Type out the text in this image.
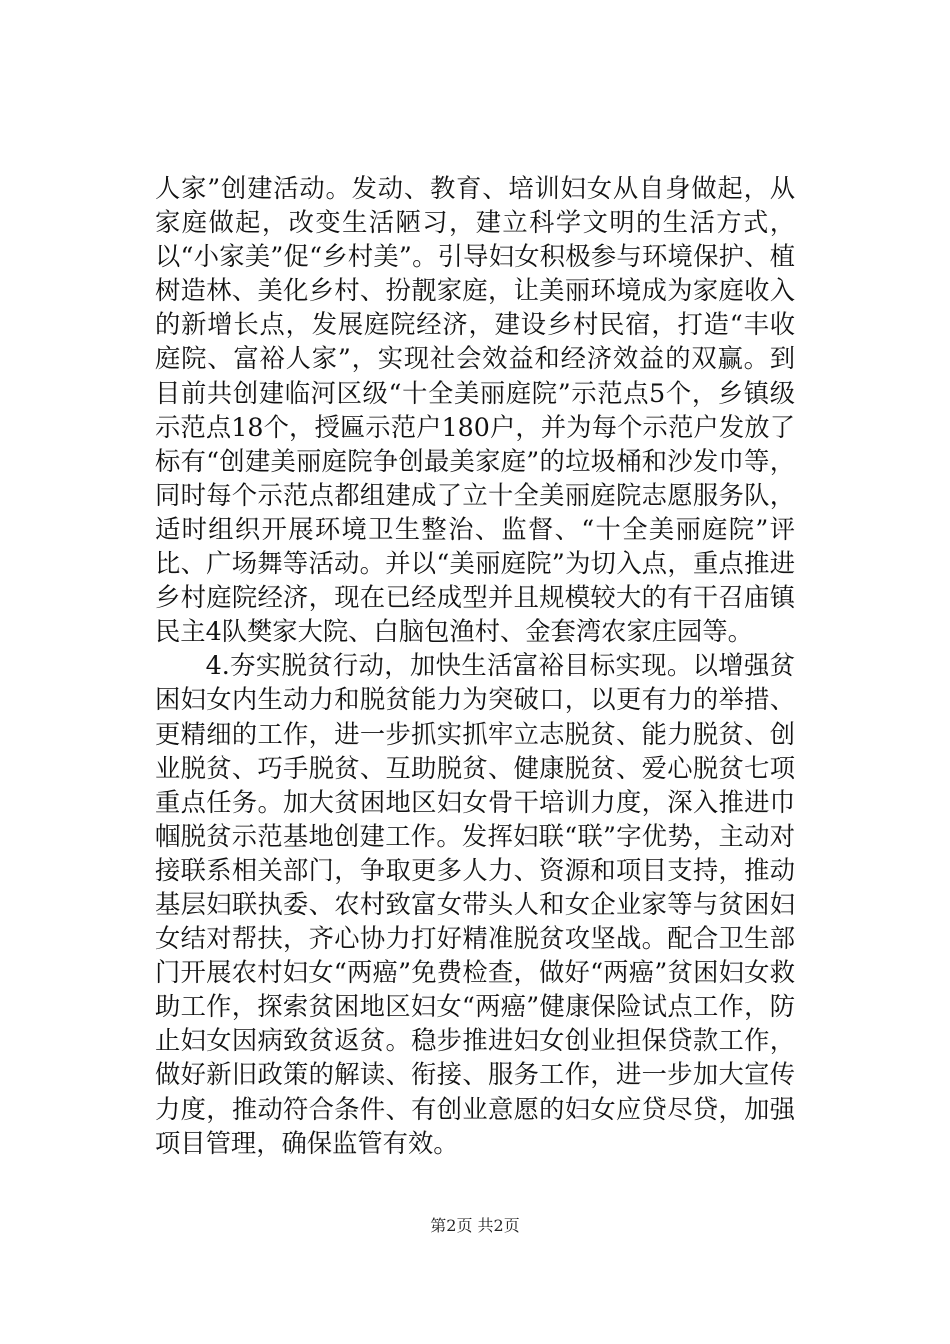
人家”创建活动。发动、教育、培训妇女从自身做起，从家庭做起，改变生活陋习，建立科学文明的生活方式，以“小家美”促“乡村美”。引导妇女积极参与环境保护、植树造林、美化乡村、扮靓家庭，让美丽环境成为家庭收入的新增长点，发展庭院经济，建设乡村民宿，打造“丰收庭院、富裕人家”，实现社会效益和经济效益的双赢。到目前共创建临河区级“十全美丽庭院”示范点5个，乡镇级示范点18个，授匾示范户180户，并为每个示范户发放了标有“创建美丽庭院争创最美家庭”的垃圾桶和沙发巾等，同时每个示范点都组建成了立十全美丽庭院志愿服务队，适时组织开展环境卫生整治、监督、“十全美丽庭院”评比、广场舞等活动。并以“美丽庭院”为切入点，重点推进乡村庭院经济，现在已经成型并且规模较大的有干召庙镇民主4队樊家大院、白脑包渔村、金套湾农家庄园等。

4.夯实脱贫行动，加快生活富裕目标实现。以增强贫困妇女内生动力和脱贫能力为突破口，以更有力的举措、更精细的工作，进一步抓实抓牢立志脱贫、能力脱贫、创业脱贫、巧手脱贫、互助脱贫、健康脱贫、爱心脱贫七项重点任务。加大贫困地区妇女骨干培训力度，深入推进巾帼脱贫示范基地创建工作。发挥妇联“联”字优势，主动对接联系相关部门，争取更多人力、资源和项目支持，推动基层妇联执委、农村致富女带头人和女企业家等与贫困妇女结对帮扶，齐心协力打好精准脱贫攻坚战。配合卫生部门开展农村妇女“两癌”免费检查，做好“两癌”贫困妇女救助工作，探索贫困地区妇女“两癌”健康保险试点工作，防止妇女因病致贫返贫。稳步推进妇女创业担保贷款工作，做好新旧政策的解读、衔接、服务工作，进一步加大宣传力度，推动符合条件、有创业意愿的妇女应贷尽贷，加强项目管理，确保监管有效。

第2页 共2页
